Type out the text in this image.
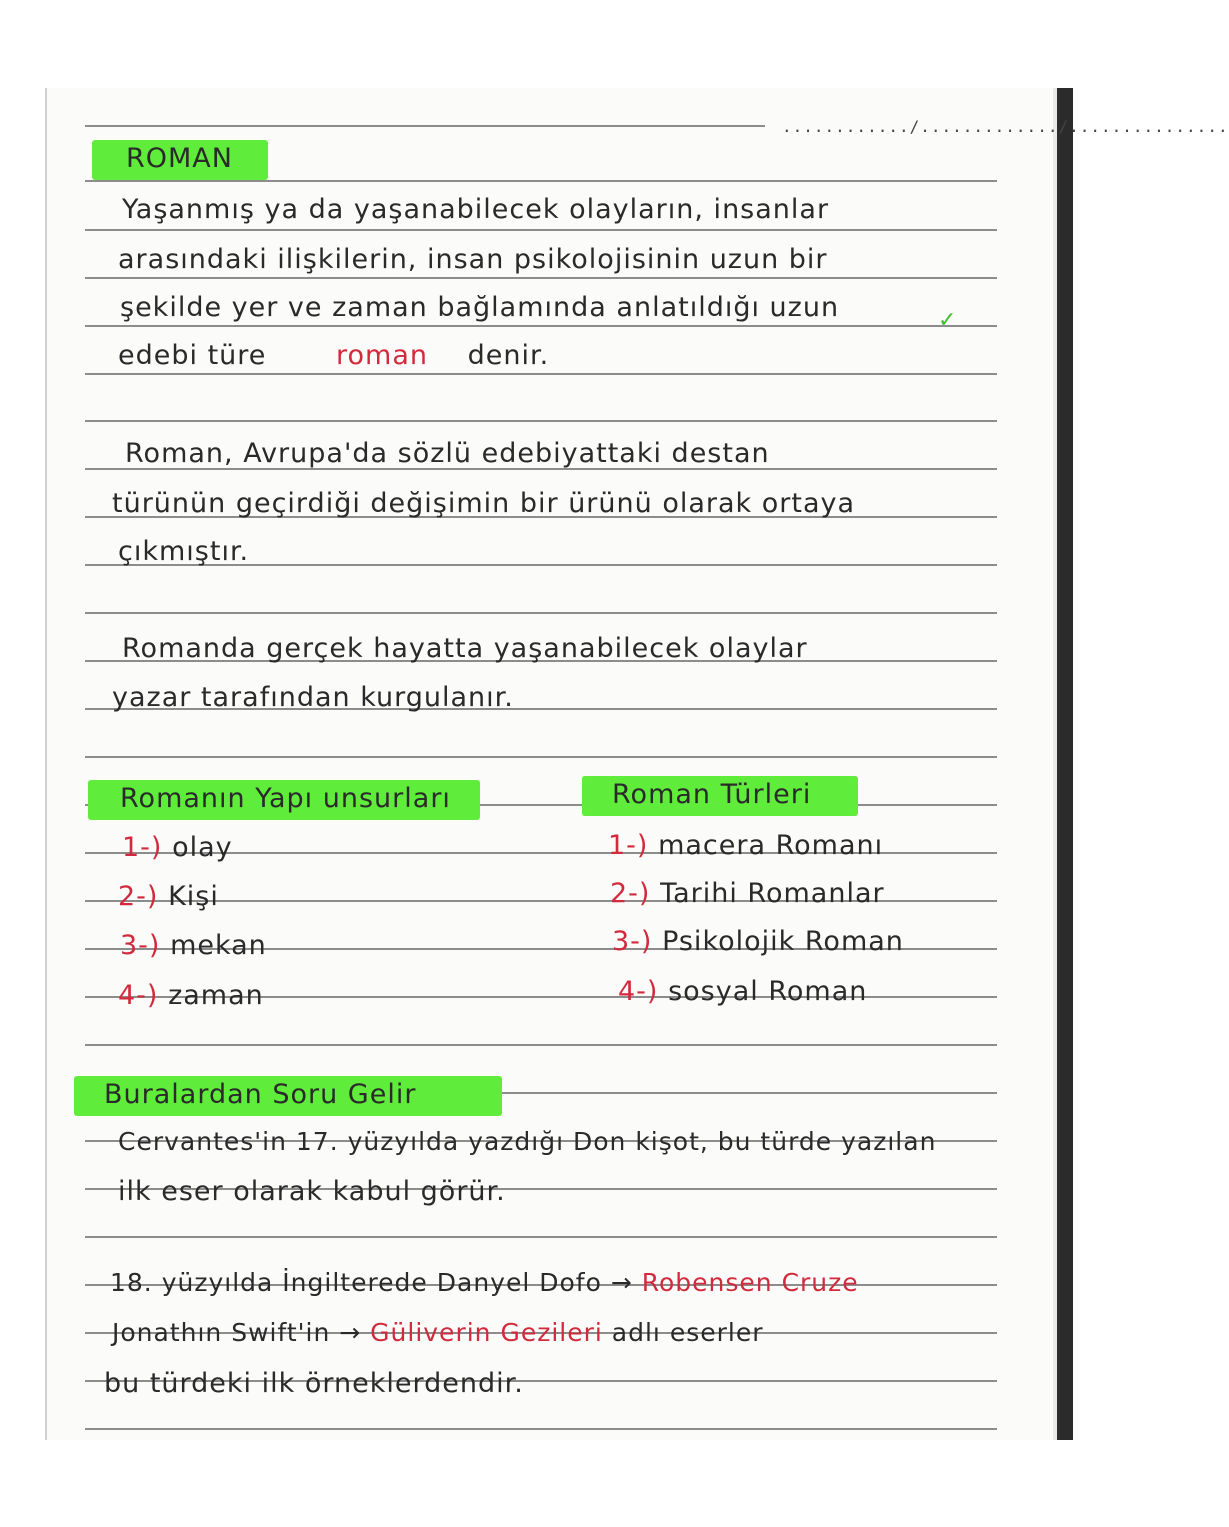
............/............./...............
ROMAN
Yaşanmış ya da yaşanabilecek olayların, insanlar
arasındaki ilişkilerin, insan psikolojisinin uzun bir
şekilde yer ve zaman bağlamında anlatıldığı uzun	✓
edebi türe	roman denir.
Roman, Avrupa'da sözlü edebiyattaki destan
türünün geçirdiği değişimin bir ürünü olarak ortaya
çıkmıştır.
Romanda gerçek hayatta yaşanabilecek olaylar
yazar tarafından kurgulanır.
Romanın Yapı unsurları	Roman Türleri
1-) olay
2-) Kişi
3-) mekan
4-) zaman
1-) macera Romanı
2-) Tarihi Romanlar
3-) Psikolojik Roman
4-) sosyal Roman
Buralardan Soru Gelir
Cervantes'in 17. yüzyılda yazdığı Don kişot, bu türde yazılan
ilk eser olarak kabul görür.
18. yüzyılda İngilterede Danyel Dofo → Robensen Cruze
Jonathın Swift'in → Güliverin Gezileri adlı eserler
bu türdeki ilk örneklerdendir.
